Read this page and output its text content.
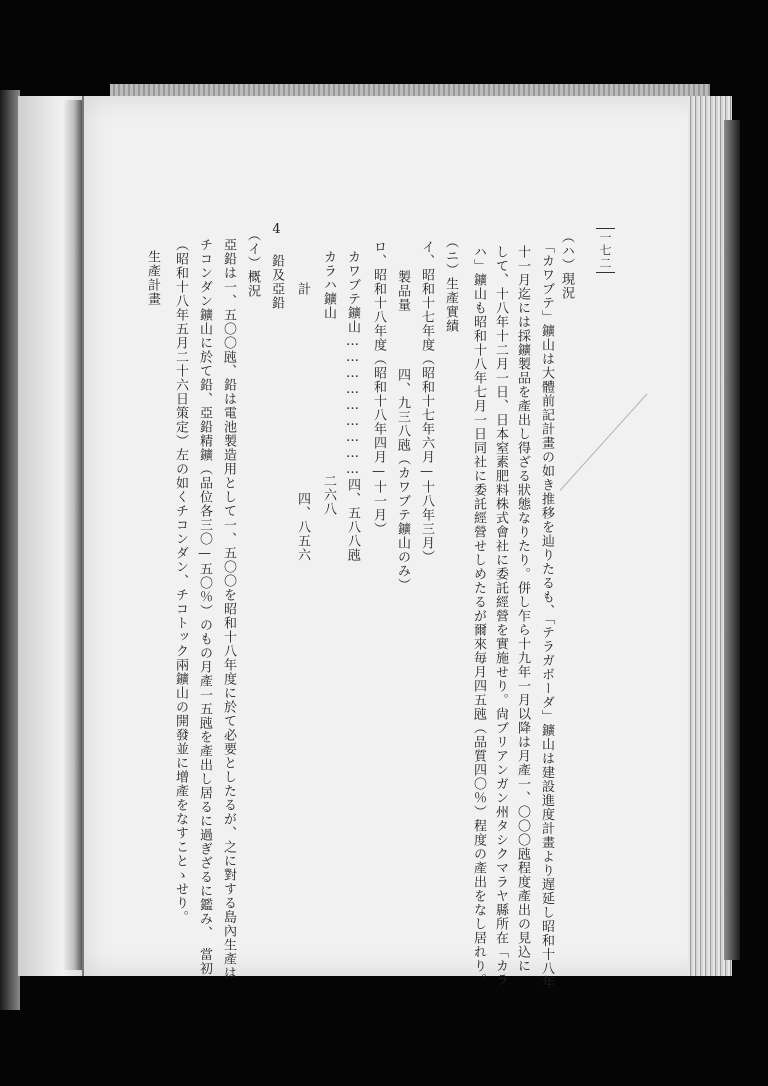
一七二
（ハ）現況
「カワブテ」鑛山は大體前記計畫の如き推移を辿りたるも、「テラガボーダ」鑛山は建設進度計畫より遅延し昭和十八年
十一月迄には採鑛製品を產出し得ざる狀態なりたり。併し乍ら十九年一月以降は月產一、〇〇〇瓲程度產出の見込に
して、十八年十二月一日、日本窒素肥料株式會社に委託經營を實施せり。尙ブリアンガン州タシクマラヤ縣所在「カラ
ハ」鑛山も昭和十八年七月一日同社に委託經營せしめたるが爾來毎月四五瓲（品質四〇％）程度の產出をなし居れり。
（ニ）生產實績
イ、昭和十七年度（昭和十七年六月—十八年三月）
製品量　　　　四、九三八瓲（カワブテ鑛山のみ）
ロ、昭和十八年度（昭和十八年四月—十一月）
カワブテ鑛山………………………四、五八八瓲
カラハ鑛山　　　　　　　　　　　二六八
計　　　　　　　　　　　　　　四、八五六
4 鉛及亞鉛
（イ）概況
亞鉛は一、五〇〇瓲、鉛は電池製造用として一、五〇〇を昭和十八年度に於て必要としたるが、之に對する島內生產は
チコンダン鑛山に於て鉛、亞鉛精鑛（品位各三〇—五〇％）のもの月產一五瓲を產出し居るに過ぎざるに鑑み、　當初
（昭和十八年五月二十六日策定）左の如くチコンダン、チコトック兩鑛山の開發並に增產をなすことゝせり。
生產計畫
